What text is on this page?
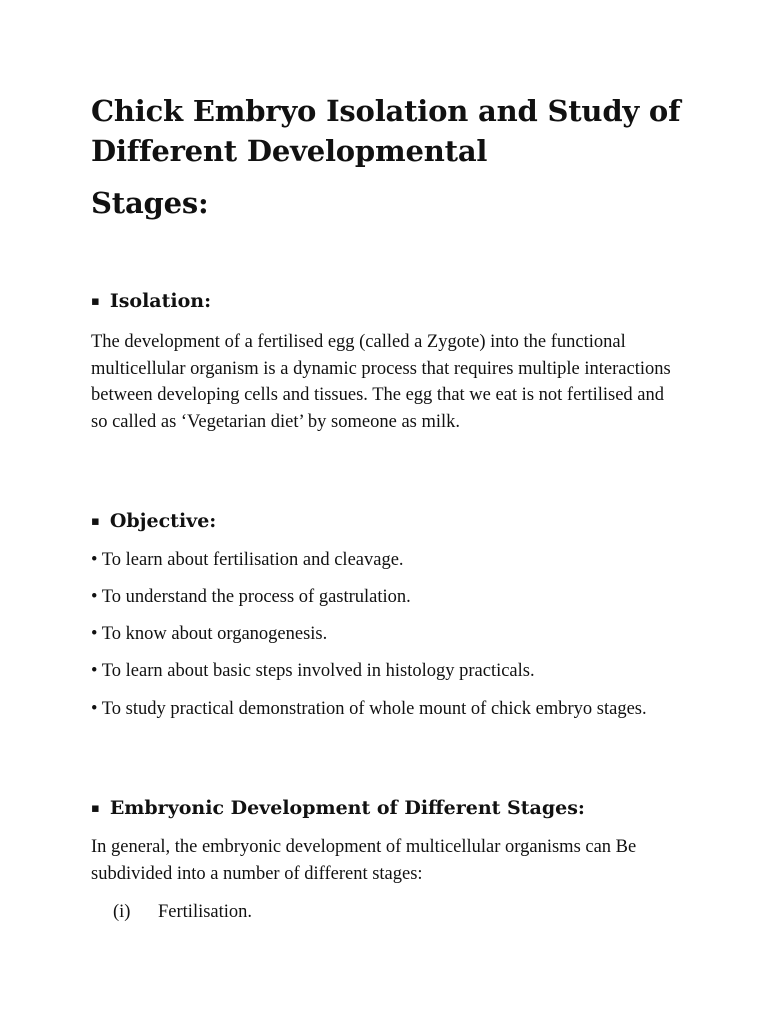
Chick Embryo Isolation and Study of Different Developmental
Stages:
▪ Isolation:

The development of a fertilised egg (called a Zygote) into the functional multicellular organism is a dynamic process that requires multiple interactions between developing cells and tissues. The egg that we eat is not fertilised and so called as ‘Vegetarian diet’ by someone as milk.

▪ Objective:

• To learn about fertilisation and cleavage.

• To understand the process of gastrulation.

• To know about organogenesis.

• To learn about basic steps involved in histology practicals.

• To study practical demonstration of whole mount of chick embryo stages.

▪ Embryonic Development of Different Stages:

In general, the embryonic development of multicellular organisms can Be subdivided into a number of different stages:

(i) Fertilisation.
